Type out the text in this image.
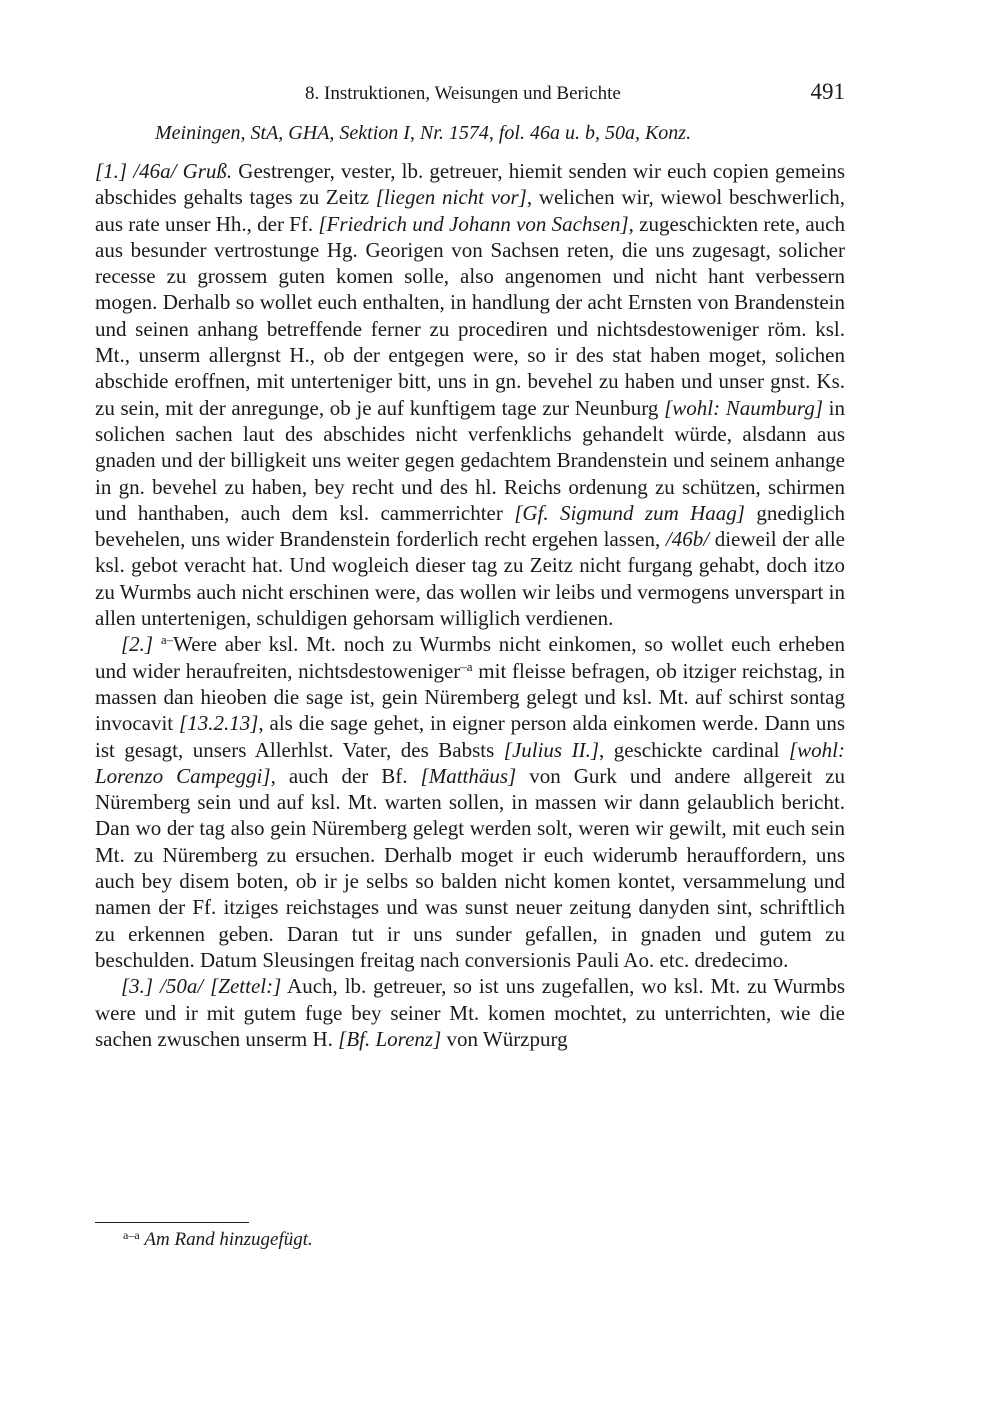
8. Instruktionen, Weisungen und Berichte	491
Meiningen, StA, GHA, Sektion I, Nr. 1574, fol. 46a u. b, 50a, Konz.

[1.] /46a/ Gruß. Gestrenger, vester, lb. getreuer, hiemit senden wir euch copien gemeins abschides gehalts tages zu Zeitz [liegen nicht vor], welichen wir, wiewol beschwerlich, aus rate unser Hh., der Ff. [Friedrich und Johann von Sachsen], zugeschickten rete, auch aus besunder vertrostunge Hg. Georigen von Sachsen reten, die uns zugesagt, solicher recesse zu grossem guten komen solle, also angenomen und nicht hant verbessern mogen. Derhalb so wollet euch enthalten, in handlung der acht Ernsten von Brandenstein und seinen anhang betreffende ferner zu procediren und nichtsdestoweniger röm. ksl. Mt., unserm allergnst H., ob der entgegen were, so ir des stat haben moget, solichen abschide eroffnen, mit unterteniger bitt, uns in gn. bevehel zu haben und unser gnst. Ks. zu sein, mit der anregunge, ob je auf kunftigem tage zur Neunburg [wohl: Naumburg] in solichen sachen laut des abschides nicht verfenklichs gehandelt würde, alsdann aus gnaden und der billigkeit uns weiter gegen gedachtem Brandenstein und seinem anhange in gn. bevehel zu haben, bey recht und des hl. Reichs ordenung zu schützen, schirmen und hanthaben, auch dem ksl. cammerrichter [Gf. Sigmund zum Haag] gnediglich bevehelen, uns wider Brandenstein forderlich recht ergehen lassen, /46b/ dieweil der alle ksl. gebot veracht hat. Und wogleich dieser tag zu Zeitz nicht furgang gehabt, doch itzo zu Wurmbs auch nicht erschinen were, das wollen wir leibs und vermogens unverspart in allen untertenigen, schuldigen gehorsam williglich verdienen.

[2.] $^{a-}$Were aber ksl. Mt. noch zu Wurmbs nicht einkomen, so wollet euch erheben und wider heraufreiten, nichtsdestoweniger$^{-a}$ mit fleisse befragen, ob itziger reichstag, in massen dan hieoben die sage ist, gein Nüremberg gelegt und ksl. Mt. auf schirst sontag invocavit [13.2.13], als die sage gehet, in eigner person alda einkomen werde. Dann uns ist gesagt, unsers Allerhlst. Vater, des Babsts [Julius II.], geschickte cardinal [wohl: Lorenzo Campeggi], auch der Bf. [Matthäus] von Gurk und andere allgereit zu Nüremberg sein und auf ksl. Mt. warten sollen, in massen wir dann gelaublich bericht. Dan wo der tag also gein Nüremberg gelegt werden solt, weren wir gewilt, mit euch sein Mt. zu Nüremberg zu ersuchen. Derhalb moget ir euch widerumb herauffordern, uns auch bey disem boten, ob ir je selbs so balden nicht komen kontet, versammelung und namen der Ff. itziges reichstages und was sunst neuer zeitung danyden sint, schriftlich zu erkennen geben. Daran tut ir uns sunder gefallen, in gnaden und gutem zu beschulden. Datum Sleusingen freitag nach conversionis Pauli Ao. etc. dredecimo.

[3.] /50a/ [Zettel:] Auch, lb. getreuer, so ist uns zugefallen, wo ksl. Mt. zu Wurmbs were und ir mit gutem fuge bey seiner Mt. komen mochtet, zu unterrichten, wie die sachen zwuschen unserm H. [Bf. Lorenz] von Würzpurg

$^{a-a}$ Am Rand hinzugefügt.
